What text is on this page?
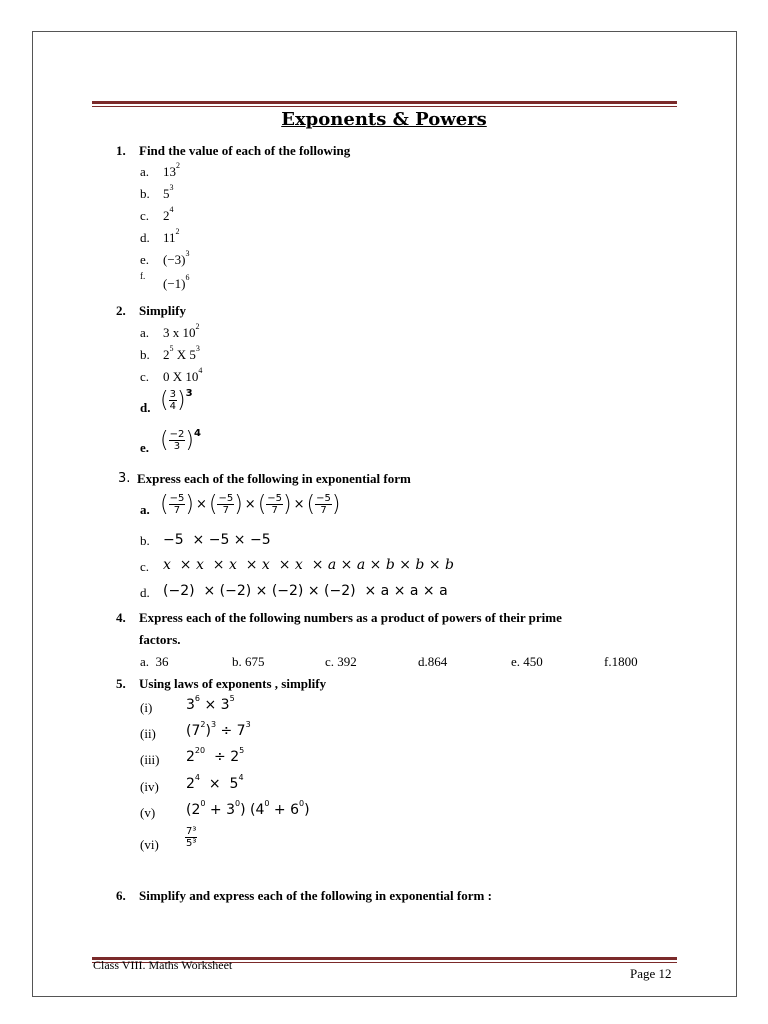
Exponents & Powers
1. Find the value of each of the following
a. $13^2$
b. $5^3$
c. $2^4$
d. $11^2$
e. $(-3)^3$
f. $(-1)^6$
2. Simplify
a. 3 x $10^2$
b. $2^5$ X $5^3$
c. 0 X $10^4$
d. ( $\frac{3}{4} )^3$
e. ( $\frac{-2}{3} )^4$
3. Express each of the following in exponential form
a. ( $\frac{-5}{7}$ ) ×( $\frac{-5}{7}$ ) ×( $\frac{-5}{7}$ ) ×( $\frac{-5}{7}$ )
b. −5  × −5 × −5
c. x  × x  × x  × x  × x  × a × a × b × b × b
d. (−2)  × (−2) × (−2) × (−2)  × a × a × a
4. Express each of the following numbers as a product of powers of their prime
factors.
a.  36	b. 675	c. 392	d.864	e. 450	f.1800
5. Using laws of exponents , simplify
(i) $3^6 \times 3^5$
(ii) $(7^2)^3 \div 7^3$
(iii) $2^{20} \div 2^5$
(iv) $2^4 \times 5^4$
(v) $(2^0 + 3^0) (4^0 + 6^0)$
(vi)	$\frac{\text{7³}}{\text{5³}}$
6. Simplify and express each of the following in exponential form :
Class VIII. Maths Worksheet
Page 12
